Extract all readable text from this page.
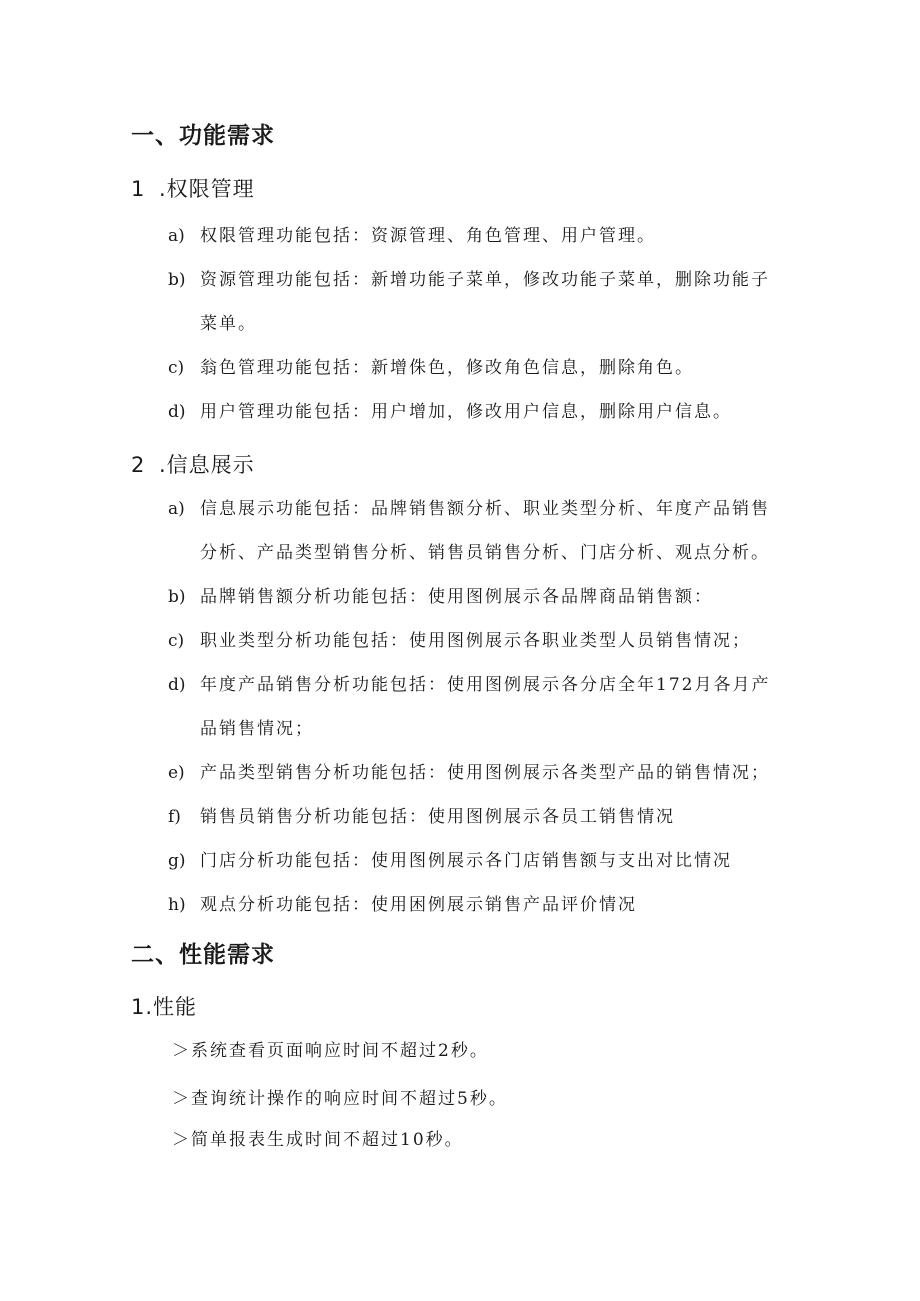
一、功能需求
1 .权限管理

a) 权限管理功能包括：资源管理、角色管理、用户管理。

b) 资源管理功能包括：新增功能子菜单，修改功能子菜单，删除功能子
菜单。

c) 翁色管理功能包括：新增侏色，修改角色信息，删除角色。

d) 用户管理功能包括：用户增加，修改用户信息，删除用户信息。

2 .信息展示

a) 信息展示功能包括：品牌销售额分析、职业类型分析、年度产品销售
分析、产品类型销售分析、销售员销售分析、门店分析、观点分析。

b) 品牌销售额分析功能包括：使用图例展示各品牌商品销售额：

c) 职业类型分析功能包括：使用图例展示各职业类型人员销售情况；

d) 年度产品销售分析功能包括：使用图例展示各分店全年172月各月产
品销售情况；

e) 产品类型销售分析功能包括：使用图例展示各类型产品的销售情况；

f) 销售员销售分析功能包括：使用图例展示各员工销售情况

g) 门店分析功能包括：使用图例展示各门店销售额与支出对比情况

h) 观点分析功能包括：使用困例展示销售产品评价情况

二、性能需求
1.性能

＞系统查看页面响应时间不超过2秒。

＞查询统计操作的响应时间不超过5秒。

＞简单报表生成时间不超过10秒。
